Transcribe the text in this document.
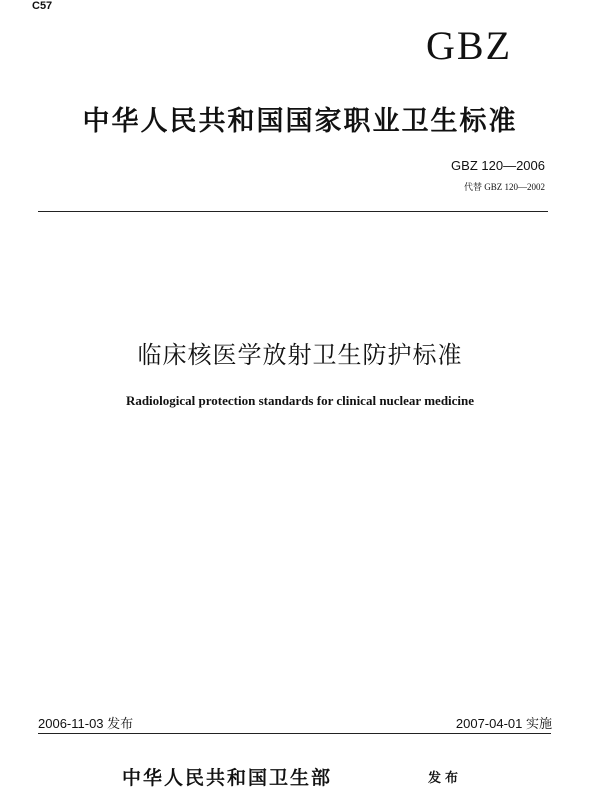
C57
GBZ
中华人民共和国国家职业卫生标准
GBZ 120—2006
代替 GBZ 120—2002
临床核医学放射卫生防护标准
Radiological protection standards for clinical nuclear medicine
2006-11-03 发布	2007-04-01 实施
中华人民共和国卫生部	发布
